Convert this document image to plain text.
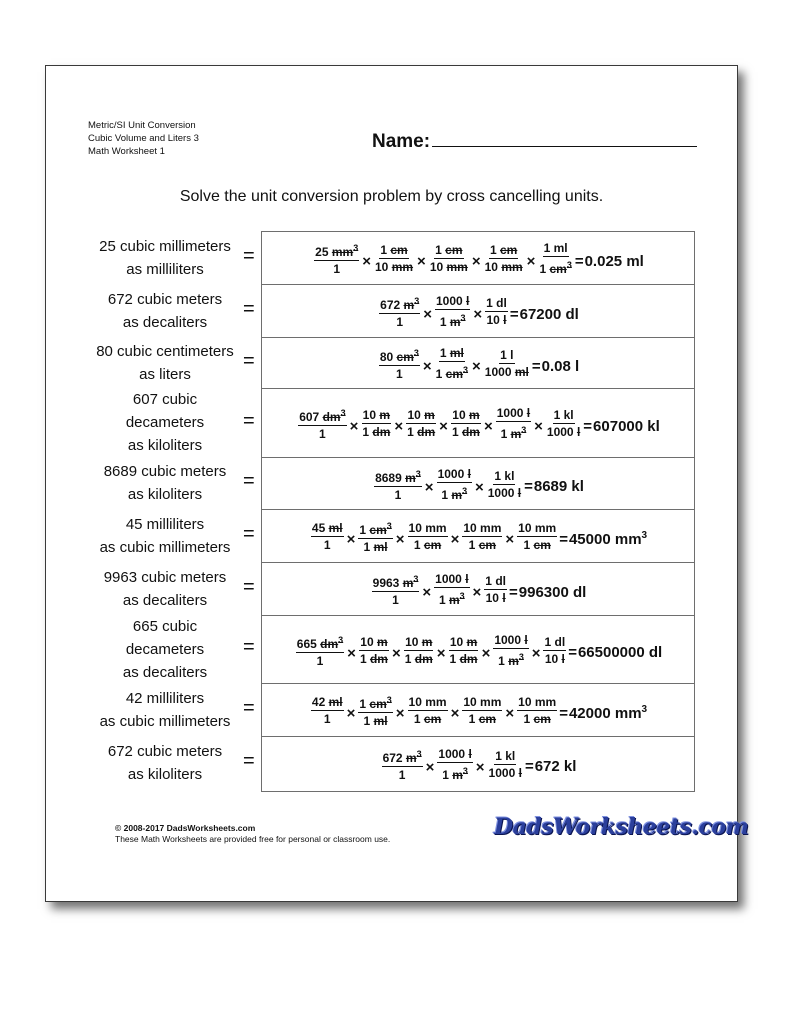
Metric/SI Unit Conversion
Cubic Volume and Liters 3
Math Worksheet 1	Name:
Solve the unit conversion problem by cross cancelling units.
25 cubic millimeters
as milliliters
=	$\frac{25 mm^3}{1} \times \frac{1 cm}{10 mm} \times \frac{1 cm}{10 mm} \times \frac{1 cm}{10 mm} \times \frac{1 ml}{1 cm^3} =0.025$ ml
672 cubic meters
as decaliters
=	$\frac{672 m^3}{1} \times \frac{1000 l}{1 m^3} \times \frac{1 dl}{10 l} =67200$ dl
80 cubic centimeters
as liters
=	$\frac{80 cm^3}{1} \times \frac{1 ml}{1 cm^3} \times \frac{1 l}{1000 ml} =0.08$ l
607 cubic
decameters
as kiloliters
=	$\frac{607 dm^3}{1} \times \frac{10 m}{1 dm} \times \frac{10 m}{1 dm} \times \frac{10 m}{1 dm} \times \frac{1000 l}{1 m^3} \times \frac{1 kl}{1000 l} =607000$ kl
8689 cubic meters
as kiloliters
=	$\frac{8689 m^3}{1} \times \frac{1000 l}{1 m^3} \times \frac{1 kl}{1000 l} =8689$ kl
45 milliliters
as cubic millimeters
=	$\frac{45 ml}{1} \times \frac{1 cm^3}{1 ml} \times \frac{10 mm}{1 cm} \times \frac{10 mm}{1 cm} \times \frac{10 mm}{1 cm} =45000$ $mm^3$
9963 cubic meters
as decaliters
=	$\frac{9963 m^3}{1} \times \frac{1000 l}{1 m^3} \times \frac{1 dl}{10 l} =996300$ dl
665 cubic
decameters
as decaliters
=	$\frac{665 dm^3}{1} \times \frac{10 m}{1 dm} \times \frac{10 m}{1 dm} \times \frac{10 m}{1 dm} \times \frac{1000 l}{1 m^3} \times \frac{1 dl}{10 l} =66500000$ dl
42 milliliters
as cubic millimeters
=	$\frac{42 ml}{1} \times \frac{1 cm^3}{1 ml} \times \frac{10 mm}{1 cm} \times \frac{10 mm}{1 cm} \times \frac{10 mm}{1 cm} =42000$ $mm^3$
672 cubic meters
as kiloliters
=	$\frac{672 m^3}{1} \times \frac{1000 l}{1 m^3} \times \frac{1 kl}{1000 l} =672$ kl
© 2008-2017 DadsWorksheets.com
These Math Worksheets are provided free for personal or classroom use.	DadsWorksheets.com
